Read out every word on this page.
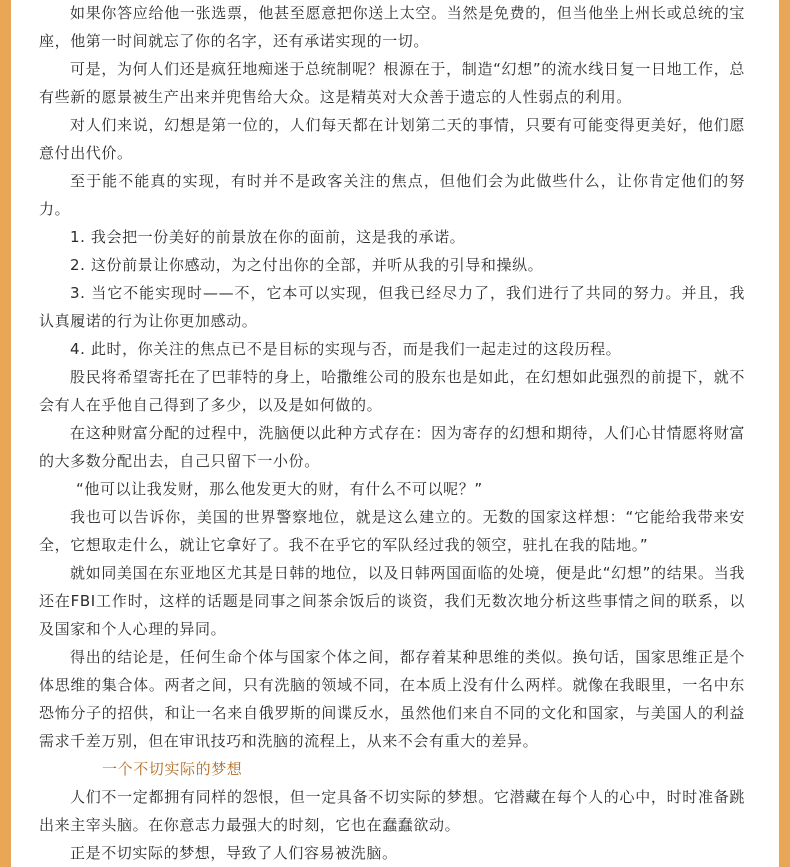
如果你答应给他一张选票，他甚至愿意把你送上太空。当然是免费的，但当他坐上州长或总统的宝座，他第一时间就忘了你的名字，还有承诺实现的一切。

可是，为何人们还是疯狂地痴迷于总统制呢？根源在于，制造“幻想”的流水线日复一日地工作，总有些新的愿景被生产出来并兜售给大众。这是精英对大众善于遗忘的人性弱点的利用。

对人们来说，幻想是第一位的，人们每天都在计划第二天的事情，只要有可能变得更美好，他们愿意付出代价。

至于能不能真的实现，有时并不是政客关注的焦点，但他们会为此做些什么，让你肯定他们的努力。

1. 我会把一份美好的前景放在你的面前，这是我的承诺。

2. 这份前景让你感动，为之付出你的全部，并听从我的引导和操纵。

3. 当它不能实现时——不，它本可以实现，但我已经尽力了，我们进行了共同的努力。并且，我认真履诺的行为让你更加感动。

4. 此时，你关注的焦点已不是目标的实现与否，而是我们一起走过的这段历程。

股民将希望寄托在了巴菲特的身上，哈撒维公司的股东也是如此，在幻想如此强烈的前提下，就不会有人在乎他自己得到了多少，以及是如何做的。

在这种财富分配的过程中，洗脑便以此种方式存在：因为寄存的幻想和期待，人们心甘情愿将财富的大多数分配出去，自己只留下一小份。

“他可以让我发财，那么他发更大的财，有什么不可以呢？”

我也可以告诉你，美国的世界警察地位，就是这么建立的。无数的国家这样想：“它能给我带来安全，它想取走什么，就让它拿好了。我不在乎它的军队经过我的领空，驻扎在我的陆地。”

就如同美国在东亚地区尤其是日韩的地位，以及日韩两国面临的处境，便是此“幻想”的结果。当我还在FBI工作时，这样的话题是同事之间茶余饭后的谈资，我们无数次地分析这些事情之间的联系，以及国家和个人心理的异同。

得出的结论是，任何生命个体与国家个体之间，都存着某种思维的类似。换句话，国家思维正是个体思维的集合体。两者之间，只有洗脑的领域不同，在本质上没有什么两样。就像在我眼里，一名中东恐怖分子的招供，和让一名来自俄罗斯的间谍反水，虽然他们来自不同的文化和国家，与美国人的利益需求千差万别，但在审讯技巧和洗脑的流程上，从来不会有重大的差异。

一个不切实际的梦想

人们不一定都拥有同样的怨恨，但一定具备不切实际的梦想。它潜藏在每个人的心中，时时准备跳出来主宰头脑。在你意志力最强大的时刻，它也在蠢蠢欲动。

正是不切实际的梦想，导致了人们容易被洗脑。
